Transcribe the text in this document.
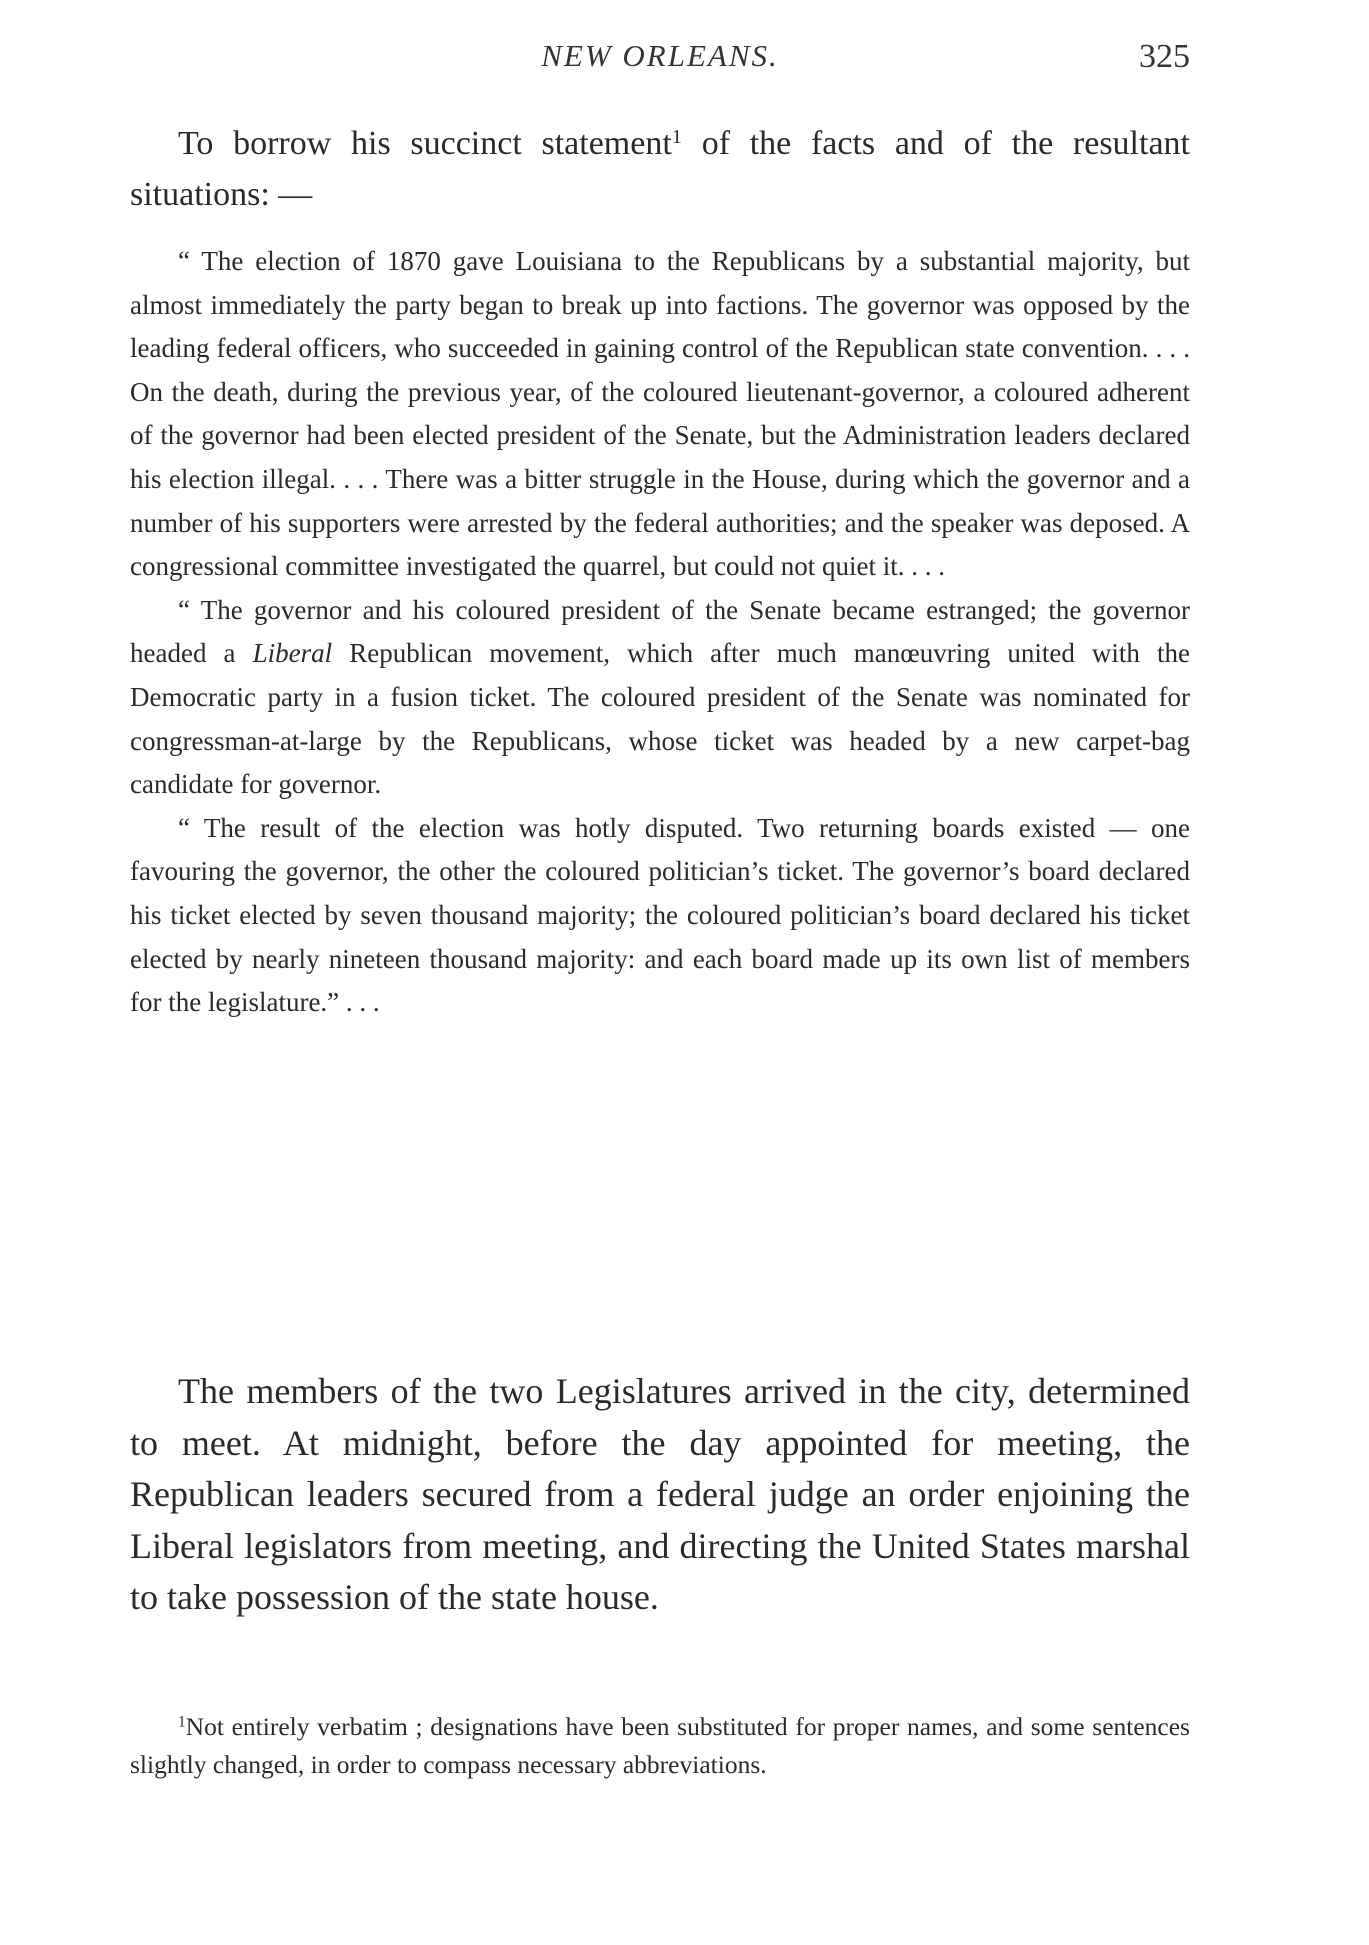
NEW ORLEANS.	325

To borrow his succinct statement$^1$ of the facts and of the resultant situations: —

“ The election of 1870 gave Louisiana to the Republicans by a substantial majority, but almost immediately the party began to break up into factions. The governor was opposed by the leading federal officers, who succeeded in gaining control of the Republican state convention. . . . On the death, during the previous year, of the coloured lieutenant-governor, a coloured adherent of the governor had been elected president of the Senate, but the Administration leaders declared his election illegal. . . . There was a bitter struggle in the House, during which the governor and a number of his supporters were arrested by the federal authorities; and the speaker was deposed. A congressional committee investigated the quarrel, but could not quiet it. . . .

“ The governor and his coloured president of the Senate became estranged; the governor headed a Liberal Republican movement, which after much manœuvring united with the Democratic party in a fusion ticket. The coloured president of the Senate was nominated for congressman-at-large by the Republicans, whose ticket was headed by a new carpet-bag candidate for governor.

“ The result of the election was hotly disputed. Two returning boards existed — one favouring the governor, the other the coloured politician’s ticket. The governor’s board declared his ticket elected by seven thousand majority; the coloured politician’s board declared his ticket elected by nearly nineteen thousand majority: and each board made up its own list of members for the legislature.” . . .

The members of the two Legislatures arrived in the city, determined to meet. At midnight, before the day appointed for meeting, the Republican leaders secured from a federal judge an order enjoining the Liberal legislators from meeting, and directing the United States marshal to take possession of the state house.

$^1$Not entirely verbatim ; designations have been substituted for proper names, and some sentences slightly changed, in order to compass necessary abbreviations.
